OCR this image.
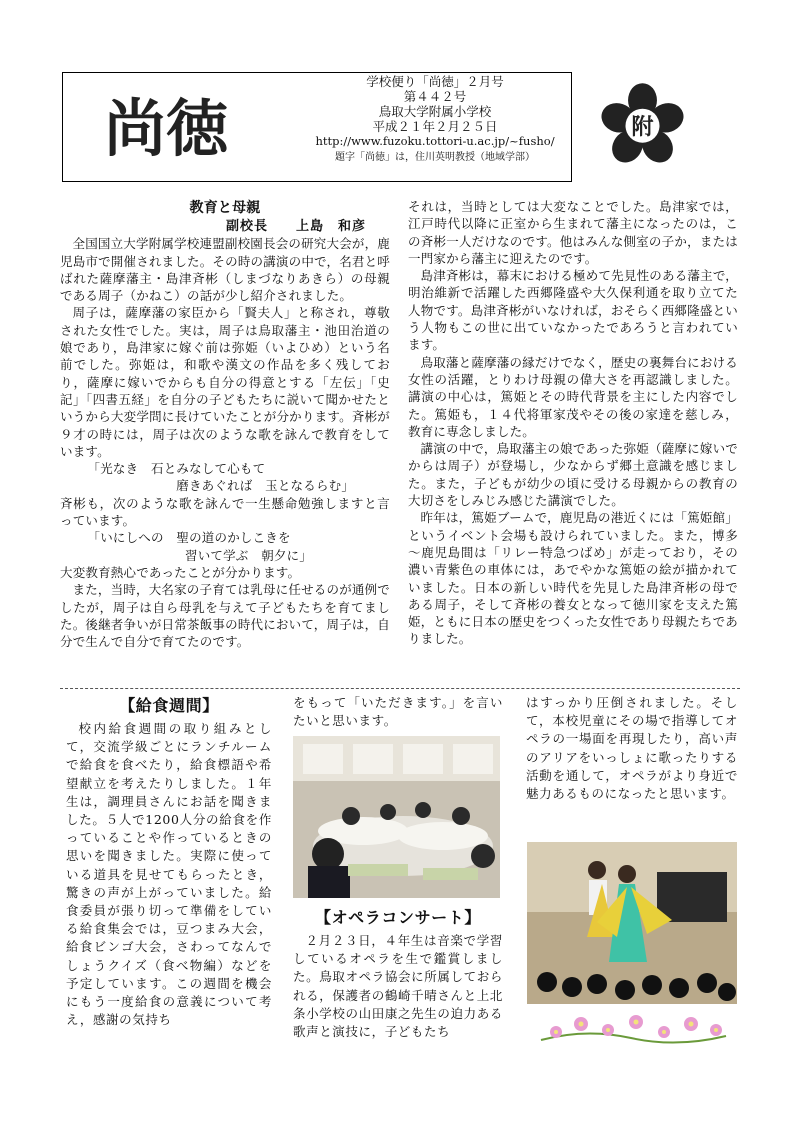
尚徳
学校便り「尚徳」２月号
第４４２号
鳥取大学附属小学校
平成２１年２月２５日
http://www.fuzoku.tottori-u.ac.jp/~fusho/
題字「尚徳」は，住川英明教授（地域学部）
附
教育と母親
副校長　　上島　和彦

全国国立大学附属学校連盟副校園長会の研究大会が，鹿児島市で開催されました。その時の講演の中で，名君と呼ばれた薩摩藩主・島津斉彬（しまづなりあきら）の母親である周子（かねこ）の話が少し紹介されました。

周子は，薩摩藩の家臣から「賢夫人」と称され，尊敬された女性でした。実は，周子は鳥取藩主・池田治道の娘であり，島津家に嫁ぐ前は弥姫（いよひめ）という名前でした。弥姫は，和歌や漢文の作品を多く残しており，薩摩に嫁いでからも自分の得意とする「左伝」「史記」「四書五経」を自分の子どもたちに説いて聞かせたというから大変学問に長けていたことが分かります。斉彬が９才の時には，周子は次のような歌を詠んで教育をしています。

「光なき　石とみなして心もて

磨きあぐれば　玉となるらむ」

斉彬も，次のような歌を詠んで一生懸命勉強しますと言っています。

「いにしへの　聖の道のかしこきを

習いて学ぶ　朝夕に」

大変教育熱心であったことが分かります。

また，当時，大名家の子育ては乳母に任せるのが通例でしたが，周子は自ら母乳を与えて子どもたちを育てました。後継者争いが日常茶飯事の時代において，周子は，自分で生んで自分で育てたのです。

それは，当時としては大変なことでした。島津家では，江戸時代以降に正室から生まれて藩主になったのは，この斉彬一人だけなのです。他はみんな側室の子か，または一門家から藩主に迎えたのです。

島津斉彬は，幕末における極めて先見性のある藩主で，明治維新で活躍した西郷隆盛や大久保利通を取り立てた人物です。島津斉彬がいなければ，おそらく西郷隆盛という人物もこの世に出ていなかったであろうと言われています。

鳥取藩と薩摩藩の縁だけでなく，歴史の裏舞台における女性の活躍，とりわけ母親の偉大さを再認識しました。講演の中心は，篤姫とその時代背景を主にした内容でした。篤姫も，１４代将軍家茂やその後の家達を慈しみ，教育に専念しました。

講演の中で，鳥取藩主の娘であった弥姫（薩摩に嫁いでからは周子）が登場し，少なからず郷土意識を感じました。また，子どもが幼少の頃に受ける母親からの教育の大切さをしみじみ感じた講演でした。

昨年は，篤姫ブームで，鹿児島の港近くには「篤姫館」というイベント会場も設けられていました。また，博多～鹿児島間は「リレー特急つばめ」が走っており，その濃い青紫色の車体には，あでやかな篤姫の絵が描かれていました。日本の新しい時代を先見した島津斉彬の母である周子，そして斉彬の養女となって徳川家を支えた篤姫，ともに日本の歴史をつくった女性であり母親たちでありました。

【給食週間】

校内給食週間の取り組みとして，交流学級ごとにランチルームで給食を食べたり，給食標語や希望献立を考えたりしました。１年生は，調理員さんにお話を聞きました。５人で1200人分の給食を作っていることや作っているときの思いを聞きました。実際に使っている道具を見せてもらったとき，驚きの声が上がっていました。給食委員が張り切って準備をしている給食集会では，豆つまみ大会，給食ビンゴ大会，さわってなんでしょうクイズ（食べ物編）などを予定しています。この週間を機会にもう一度給食の意義について考え，感謝の気持ち

をもって「いただきます。」を言いたいと思います。

【オペラコンサート】

２月２３日，４年生は音楽で学習しているオペラを生で鑑賞しました。鳥取オペラ協会に所属しておられる，保護者の鶴崎千晴さんと上北条小学校の山田康之先生の迫力ある歌声と演技に，子どもたち

はすっかり圧倒されました。そして，本校児童にその場で指導してオペラの一場面を再現したり，高い声のアリアをいっしょに歌ったりする活動を通して，オペラがより身近で魅力あるものになったと思います。
